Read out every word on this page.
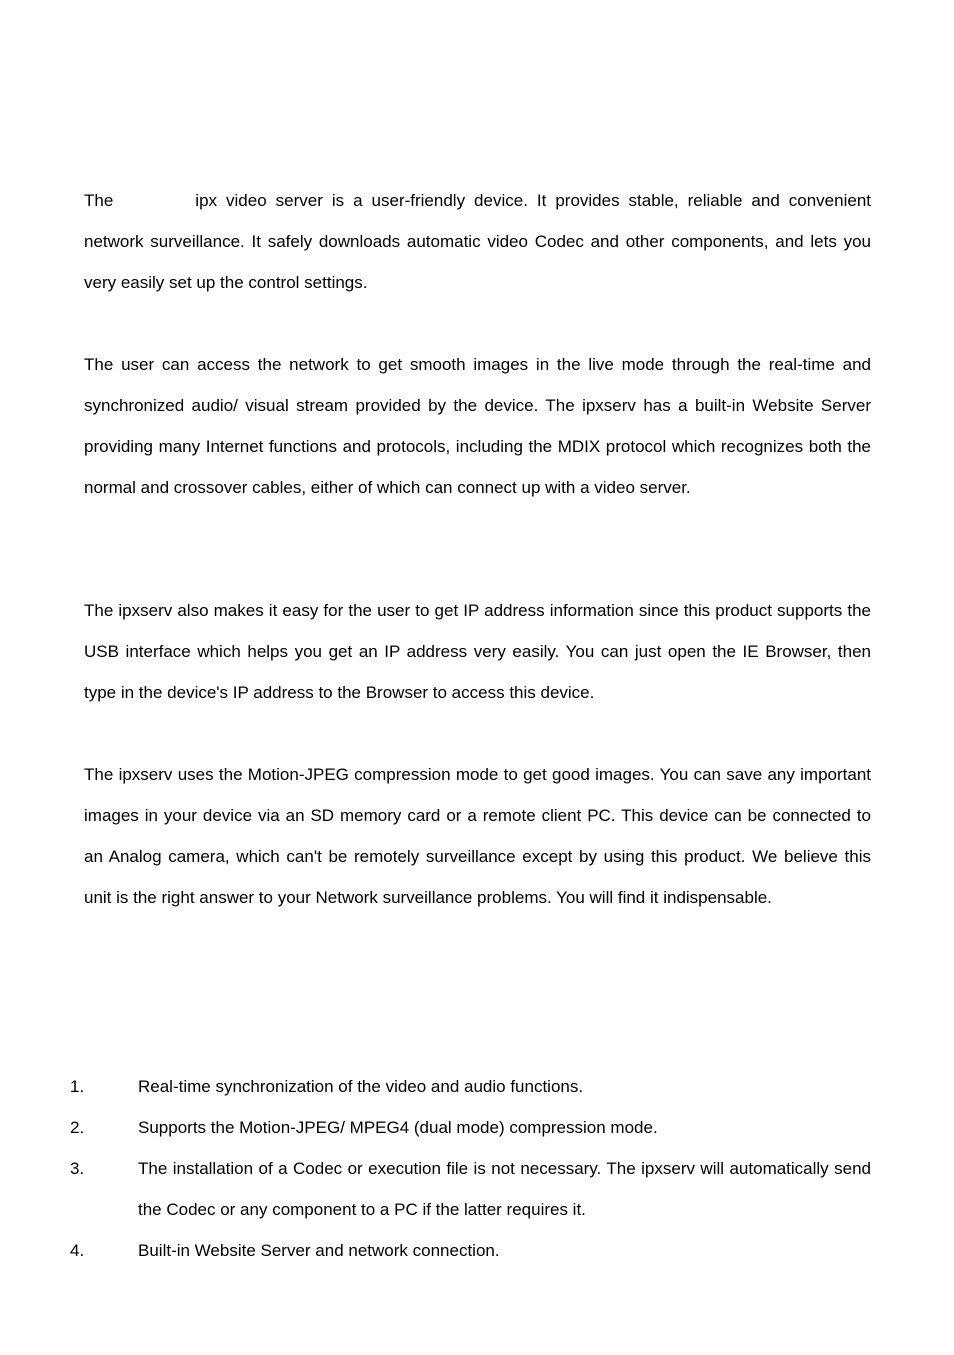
The	ipx video server is a user-friendly device. It provides stable, reliable and convenient network surveillance. It safely downloads automatic video Codec and other components, and lets you very easily set up the control settings.

The user can access the network to get smooth images in the live mode through the real-time and synchronized audio/ visual stream provided by the device. The ipxserv has a built-in Website Server providing many Internet functions and protocols, including the MDIX protocol which recognizes both the normal and crossover cables, either of which can connect up with a video server.

The ipxserv also makes it easy for the user to get IP address information since this product supports the USB interface which helps you get an IP address very easily. You can just open the IE Browser, then type in the device's IP address to the Browser to access this device.

The ipxserv uses the Motion-JPEG compression mode to get good images. You can save any important images in your device via an SD memory card or a remote client PC. This device can be connected to an Analog camera, which can't be remotely surveillance except by using this product. We believe this unit is the right answer to your Network surveillance problems. You will find it indispensable.

1.	Real-time synchronization of the video and audio functions.
2.	Supports the Motion-JPEG/ MPEG4 (dual mode) compression mode.
3.	The installation of a Codec or execution file is not necessary. The ipxserv will automatically send the Codec or any component to a PC if the latter requires it.
4.	Built-in Website Server and network connection.
